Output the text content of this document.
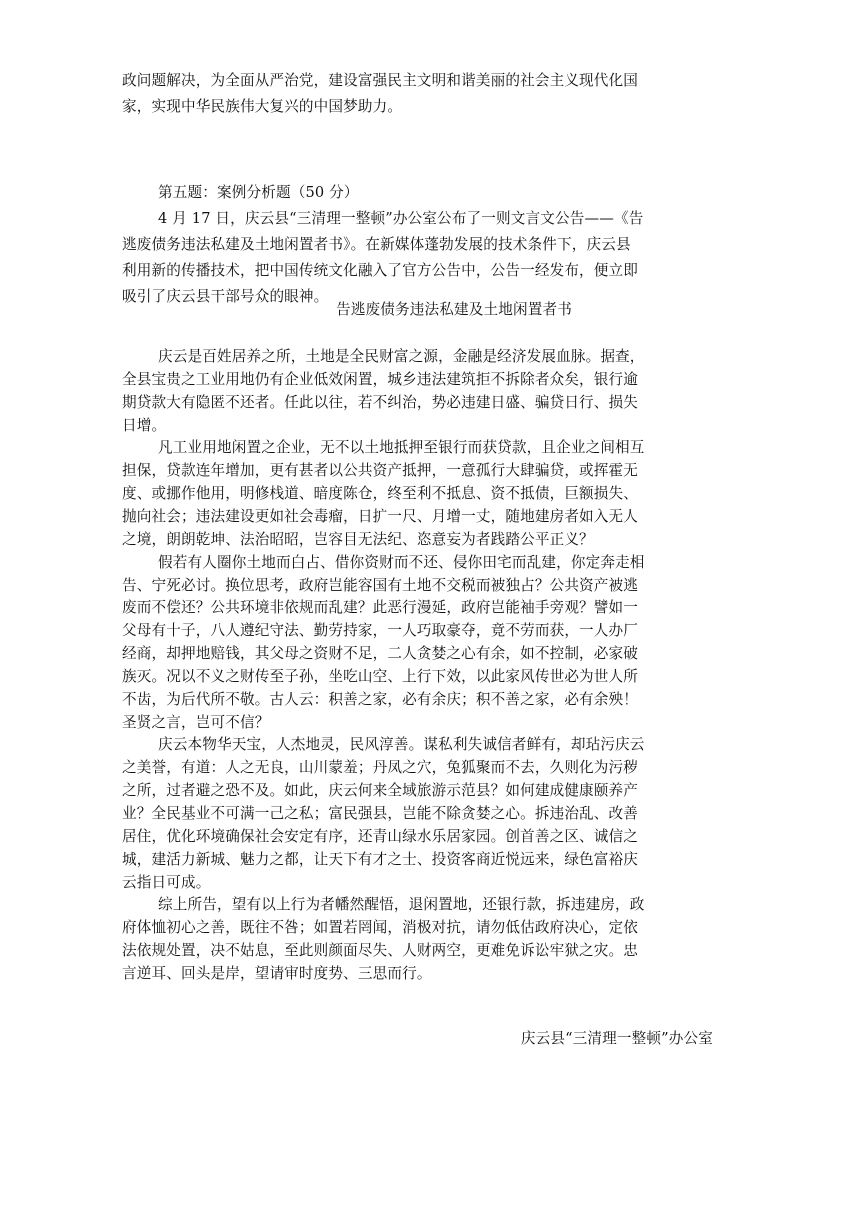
政问题解决，为全面从严治党，建设富强民主文明和谐美丽的社会主义现代化国
家，实现中华民族伟大复兴的中国梦助力。
第五题：案例分析题（50 分）
4 月 17 日，庆云县“三清理一整顿”办公室公布了一则文言文公告——《告
逃废债务违法私建及土地闲置者书》。在新媒体蓬勃发展的技术条件下，庆云县
利用新的传播技术，把中国传统文化融入了官方公告中，公告一经发布，便立即
吸引了庆云县干部号众的眼神。
告逃废债务违法私建及土地闲置者书
庆云是百姓居养之所，土地是全民财富之源，金融是经济发展血脉。据查，
全县宝贵之工业用地仍有企业低效闲置，城乡违法建筑拒不拆除者众矣，银行逾
期贷款大有隐匿不还者。任此以往，若不纠治，势必违建日盛、骗贷日行、损失
日增。
凡工业用地闲置之企业，无不以土地抵押至银行而获贷款，且企业之间相互
担保，贷款连年增加，更有甚者以公共资产抵押，一意孤行大肆骗贷，或挥霍无
度、或挪作他用，明修栈道、暗度陈仓，终至利不抵息、资不抵债，巨额损失、
抛向社会；违法建设更如社会毒瘤，日扩一尺、月增一丈，随地建房者如入无人
之境，朗朗乾坤、法治昭昭，岂容目无法纪、恣意妄为者践踏公平正义？
假若有人圈你土地而白占、借你资财而不还、侵你田宅而乱建，你定奔走相
告、宁死必讨。换位思考，政府岂能容国有土地不交税而被独占？公共资产被逃
废而不偿还？公共环境非依规而乱建？此恶行漫延，政府岂能袖手旁观？譬如一
父母有十子，八人遵纪守法、勤劳持家，一人巧取豪夺，竟不劳而获，一人办厂
经商，却押地赔钱，其父母之资财不足，二人贪婪之心有余，如不控制，必家破
族灭。况以不义之财传至子孙，坐吃山空、上行下效，以此家风传世必为世人所
不齿，为后代所不敬。古人云：积善之家，必有余庆；积不善之家，必有余殃！
圣贤之言，岂可不信？
庆云本物华天宝，人杰地灵，民风淳善。谋私利失诚信者鲜有，却玷污庆云
之美誉，有道：人之无良，山川蒙羞；丹凤之穴，兔狐聚而不去，久则化为污秽
之所，过者避之恐不及。如此，庆云何来全域旅游示范县？如何建成健康颐养产
业？全民基业不可满一己之私；富民强县，岂能不除贪婪之心。拆违治乱、改善
居住，优化环境确保社会安定有序，还青山绿水乐居家园。创首善之区、诚信之
城，建活力新城、魅力之都，让天下有才之士、投资客商近悦远来，绿色富裕庆
云指日可成。
综上所告，望有以上行为者幡然醒悟，退闲置地，还银行款，拆违建房，政
府体恤初心之善，既往不咎；如置若罔闻，消极对抗，请勿低估政府决心，定依
法依规处置，决不姑息，至此则颜面尽失、人财两空，更难免诉讼牢狱之灾。忠
言逆耳、回头是岸，望请审时度势、三思而行。
庆云县“三清理一整顿”办公室
